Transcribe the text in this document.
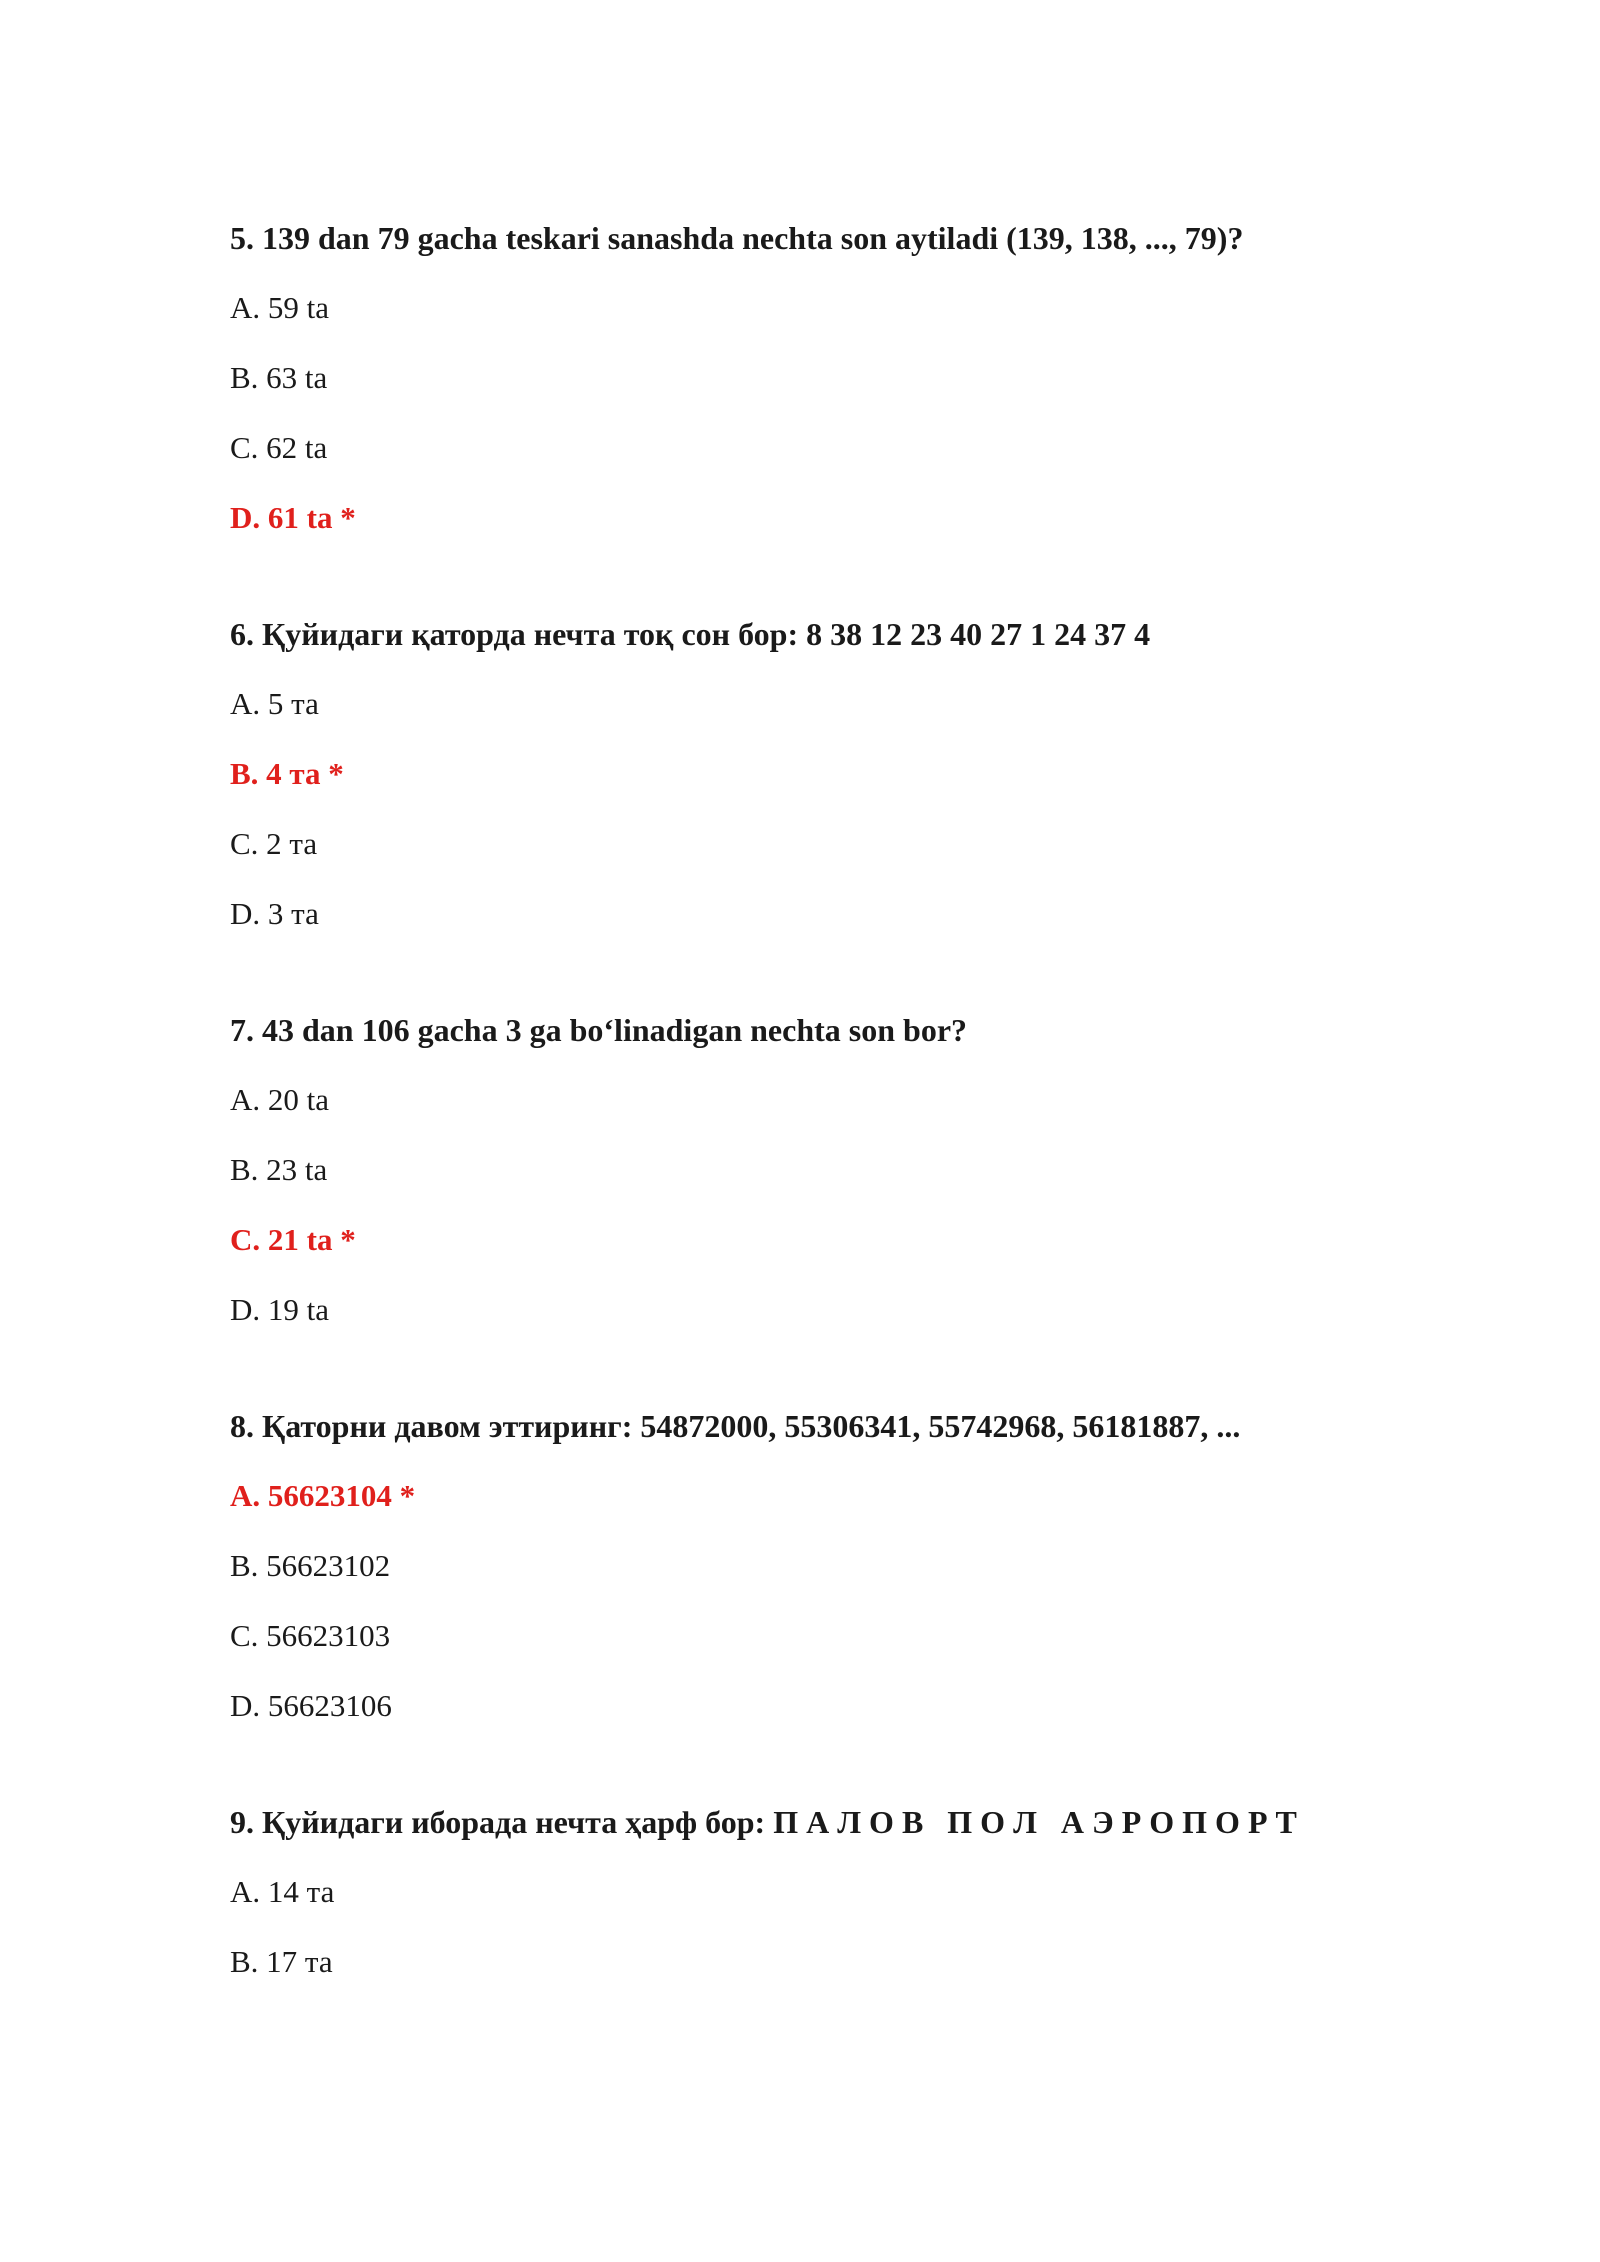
5. 139 dan 79 gacha teskari sanashda nechta son aytiladi (139, 138, ..., 79)?
A. 59 ta
B. 63 ta
C. 62 ta
D. 61 ta *
6. Қуйидаги қаторда нечта тоқ сон бор: 8 38 12 23 40 27 1 24 37 4
A. 5 та
B. 4 та *
C. 2 та
D. 3 та
7. 43 dan 106 gacha 3 ga boʻlinadigan nechta son bor?
A. 20 ta
B. 23 ta
C. 21 ta *
D. 19 ta
8. Қаторни давом эттиринг: 54872000, 55306341, 55742968, 56181887, ...
A. 56623104 *
B. 56623102
C. 56623103
D. 56623106
9. Қуйидаги иборада нечта ҳарф бор: П А Л О В   П О Л   А Э Р О П О Р Т
A. 14 та
B. 17 та
